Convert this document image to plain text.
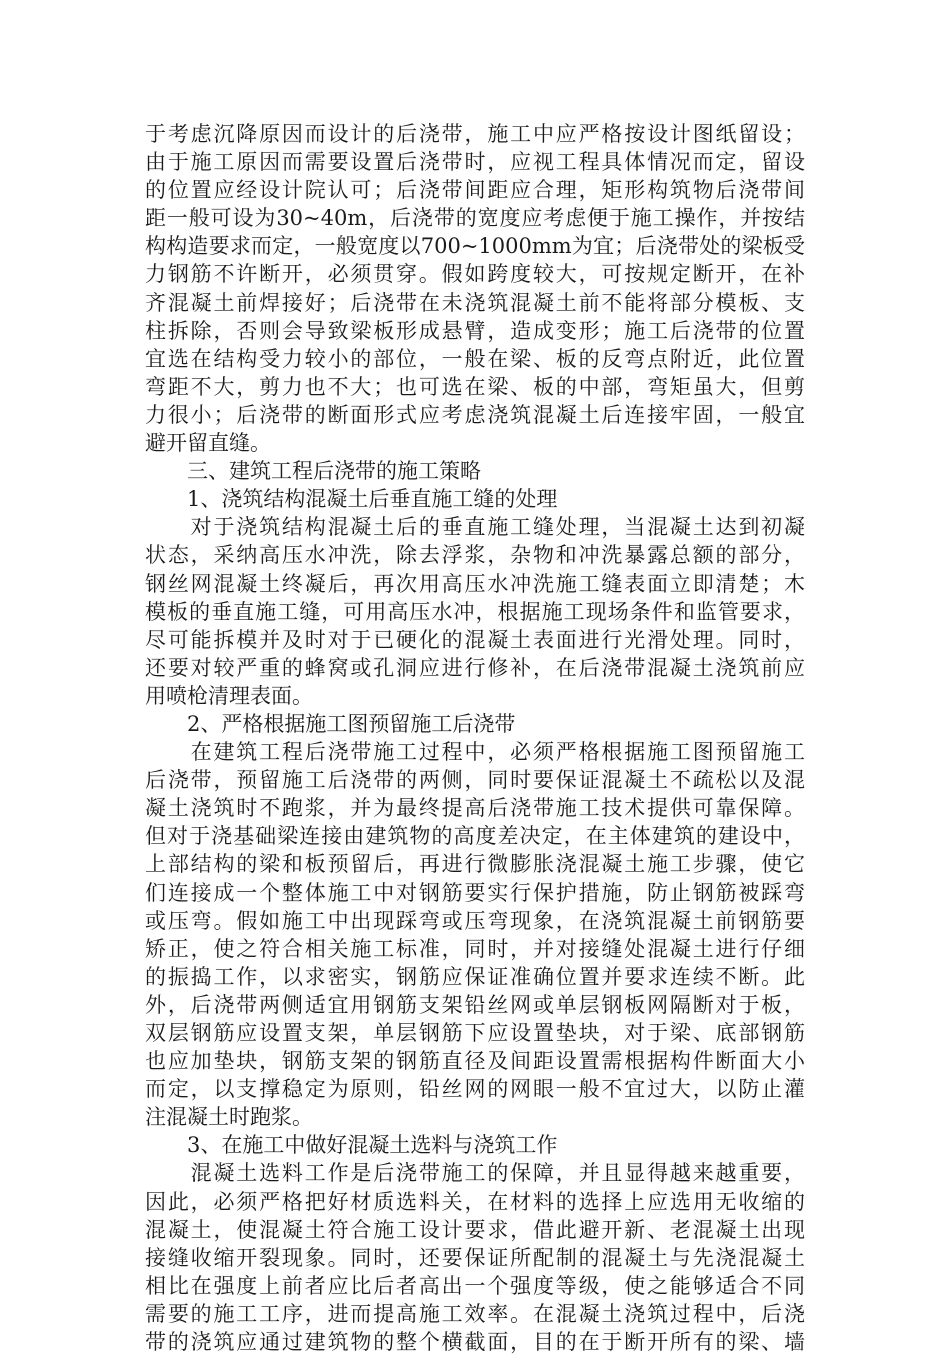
于考虑沉降原因而设计的后浇带，施工中应严格按设计图纸留设；
由于施工原因而需要设置后浇带时，应视工程具体情况而定，留设
的位置应经设计院认可；后浇带间距应合理，矩形构筑物后浇带间
距一般可设为30~40m，后浇带的宽度应考虑便于施工操作，并按结
构构造要求而定，一般宽度以700~1000mm为宜；后浇带处的梁板受
力钢筋不许断开，必须贯穿。假如跨度较大，可按规定断开，在补
齐混凝土前焊接好；后浇带在未浇筑混凝土前不能将部分模板、支
柱拆除，否则会导致梁板形成悬臂，造成变形；施工后浇带的位置
宜选在结构受力较小的部位，一般在梁、板的反弯点附近，此位置
弯距不大，剪力也不大；也可选在梁、板的中部，弯矩虽大，但剪
力很小；后浇带的断面形式应考虑浇筑混凝土后连接牢固，一般宜
避开留直缝。
　　三、建筑工程后浇带的施工策略
　　1、浇筑结构混凝土后垂直施工缝的处理
　　对于浇筑结构混凝土后的垂直施工缝处理，当混凝土达到初凝
状态，采纳高压水冲洗，除去浮浆，杂物和冲洗暴露总额的部分，
钢丝网混凝土终凝后，再次用高压水冲洗施工缝表面立即清楚；木
模板的垂直施工缝，可用高压水冲，根据施工现场条件和监管要求，
尽可能拆模并及时对于已硬化的混凝土表面进行光滑处理。同时，
还要对较严重的蜂窝或孔洞应进行修补，在后浇带混凝土浇筑前应
用喷枪清理表面。
　　2、严格根据施工图预留施工后浇带
　　在建筑工程后浇带施工过程中，必须严格根据施工图预留施工
后浇带，预留施工后浇带的两侧，同时要保证混凝土不疏松以及混
凝土浇筑时不跑浆，并为最终提高后浇带施工技术提供可靠保障。
但对于浇基础梁连接由建筑物的高度差决定，在主体建筑的建设中，
上部结构的梁和板预留后，再进行微膨胀浇混凝土施工步骤，使它
们连接成一个整体施工中对钢筋要实行保护措施，防止钢筋被踩弯
或压弯。假如施工中出现踩弯或压弯现象，在浇筑混凝土前钢筋要
矫正，使之符合相关施工标准，同时，并对接缝处混凝土进行仔细
的振捣工作，以求密实，钢筋应保证准确位置并要求连续不断。此
外，后浇带两侧适宜用钢筋支架铅丝网或单层钢板网隔断对于板，
双层钢筋应设置支架，单层钢筋下应设置垫块，对于梁、底部钢筋
也应加垫块，钢筋支架的钢筋直径及间距设置需根据构件断面大小
而定，以支撑稳定为原则，铅丝网的网眼一般不宜过大，以防止灌
注混凝土时跑浆。
　　3、在施工中做好混凝土选料与浇筑工作
　　混凝土选料工作是后浇带施工的保障，并且显得越来越重要，
因此，必须严格把好材质选料关，在材料的选择上应选用无收缩的
混凝土，使混凝土符合施工设计要求，借此避开新、老混凝土出现
接缝收缩开裂现象。同时，还要保证所配制的混凝土与先浇混凝土
相比在强度上前者应比后者高出一个强度等级，使之能够适合不同
需要的施工工序，进而提高施工效率。在混凝土浇筑过程中，后浇
带的浇筑应通过建筑物的整个横截面，目的在于断开所有的梁、墙
